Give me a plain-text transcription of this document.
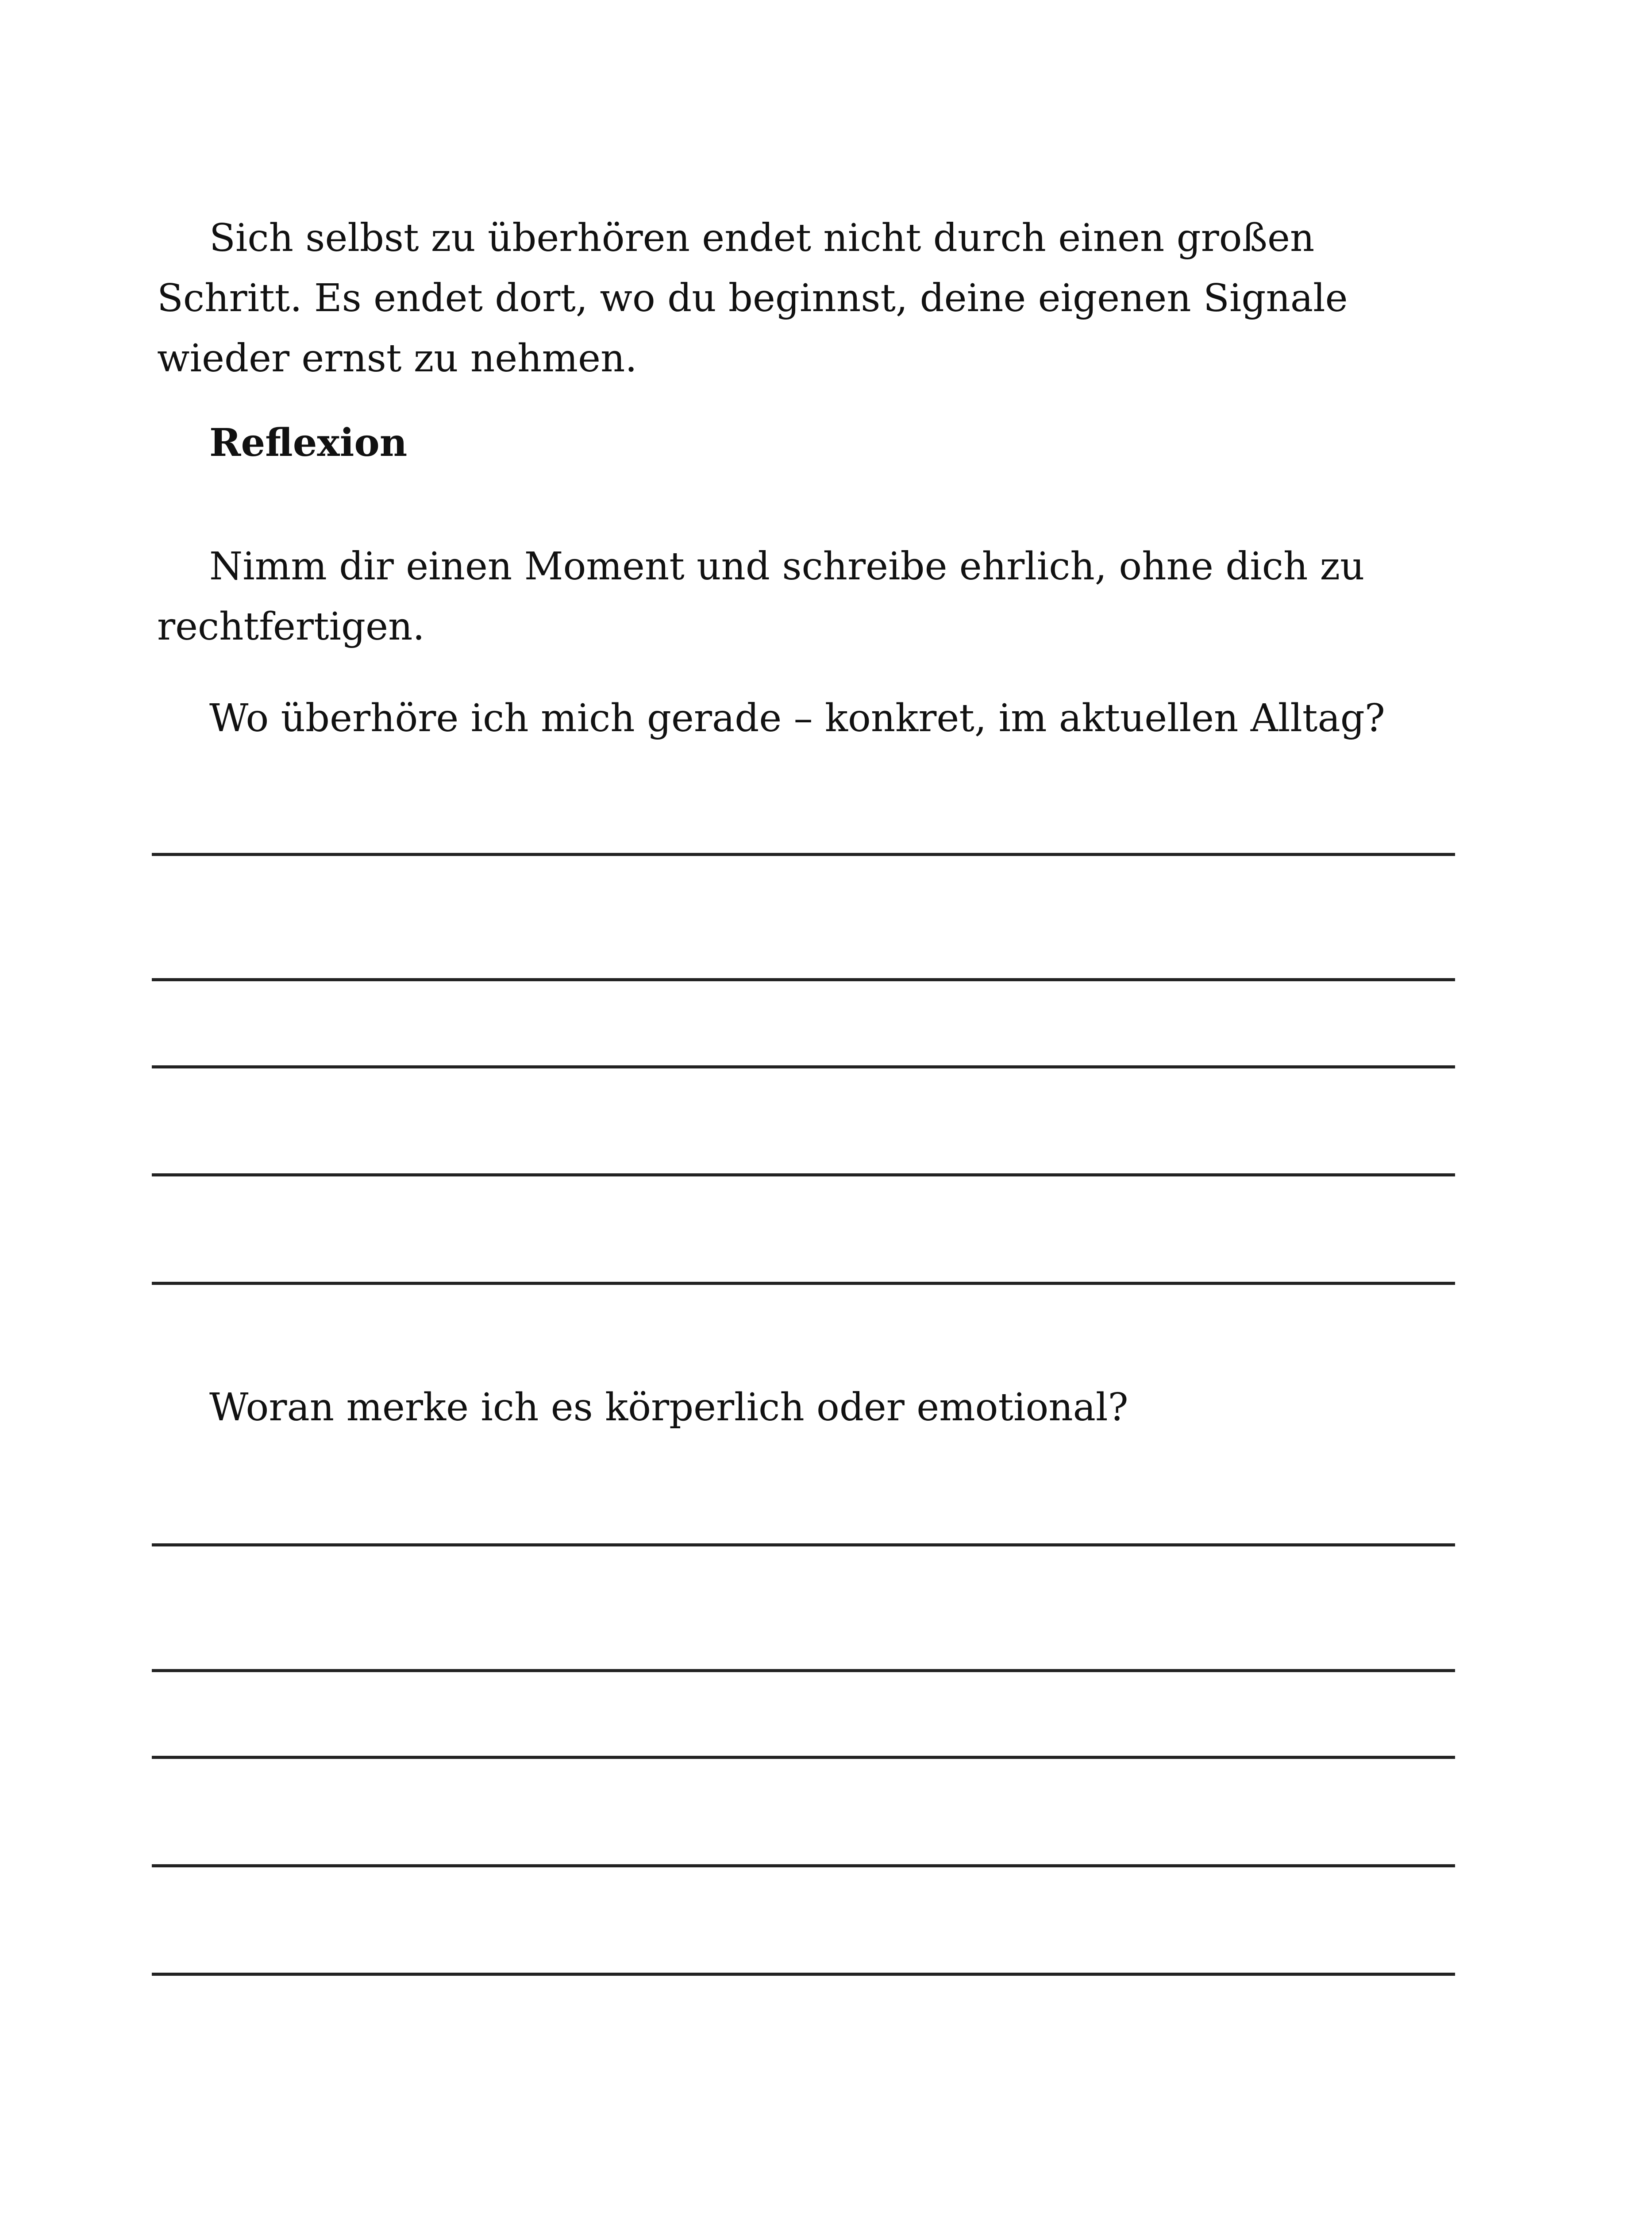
Sich selbst zu überhören endet nicht durch einen großen Schritt. Es endet dort, wo du beginnst, deine eigenen Signale wieder ernst zu nehmen.

Reflexion

Nimm dir einen Moment und schreibe ehrlich, ohne dich zu rechtfertigen.

Wo überhöre ich mich gerade – konkret, im aktuellen Alltag?

Woran merke ich es körperlich oder emotional?
